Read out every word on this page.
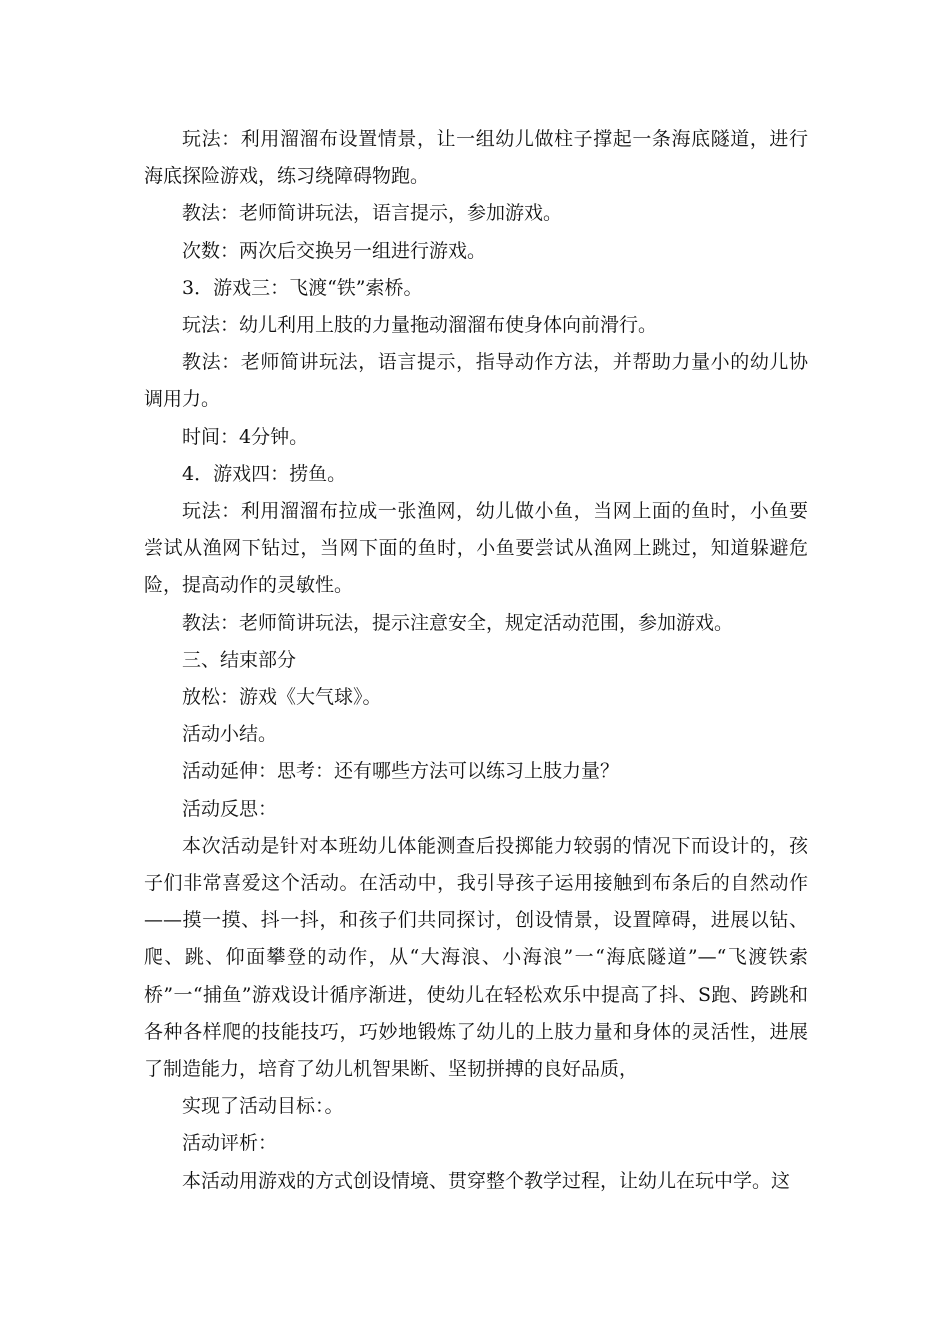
玩法：利用溜溜布设置情景，让一组幼儿做柱子撑起一条海底隧道，进行海底探险游戏，练习绕障碍物跑。

教法：老师简讲玩法，语言提示，参加游戏。

次数：两次后交换另一组进行游戏。

3．游戏三：飞渡“铁”索桥。

玩法：幼儿利用上肢的力量拖动溜溜布使身体向前滑行。

教法：老师简讲玩法，语言提示，指导动作方法，并帮助力量小的幼儿协调用力。

时间：4分钟。

4．游戏四：捞鱼。

玩法：利用溜溜布拉成一张渔网，幼儿做小鱼，当网上面的鱼时，小鱼要尝试从渔网下钻过，当网下面的鱼时，小鱼要尝试从渔网上跳过，知道躲避危险，提高动作的灵敏性。

教法：老师简讲玩法，提示注意安全，规定活动范围，参加游戏。

三、结束部分

放松：游戏《大气球》。

活动小结。

活动延伸：思考：还有哪些方法可以练习上肢力量？

活动反思：

本次活动是针对本班幼儿体能测查后投掷能力较弱的情况下而设计的，孩子们非常喜爱这个活动。在活动中，我引导孩子运用接触到布条后的自然动作——摸一摸、抖一抖，和孩子们共同探讨，创设情景，设置障碍，进展以钻、爬、跳、仰面攀登的动作，从“大海浪、小海浪”一“海底隧道”—“飞渡铁索桥”一“捕鱼”游戏设计循序渐进，使幼儿在轻松欢乐中提高了抖、S跑、跨跳和各种各样爬的技能技巧，巧妙地锻炼了幼儿的上肢力量和身体的灵活性，进展了制造能力，培育了幼儿机智果断、坚韧拼搏的良好品质，

实现了活动目标：。

活动评析：

本活动用游戏的方式创设情境、贯穿整个教学过程，让幼儿在玩中学。这
